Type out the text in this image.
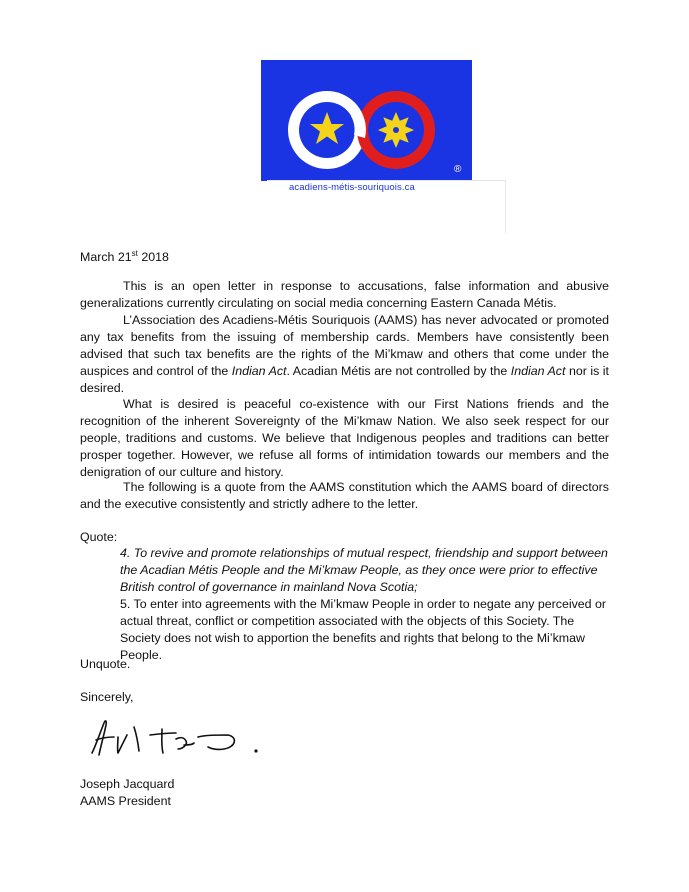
®
acadiens-métis-souriquois.ca
March 21st 2018

This is an open letter in response to accusations, false information and abusive generalizations currently circulating on social media concerning Eastern Canada Métis.

L’Association des Acadiens-Métis Souriquois (AAMS) has never advocated or promoted any tax benefits from the issuing of membership cards. Members have consistently been advised that such tax benefits are the rights of the Mi’kmaw and others that come under the auspices and control of the Indian Act. Acadian Métis are not controlled by the Indian Act nor is it desired.

What is desired is peaceful co-existence with our First Nations friends and the recognition of the inherent Sovereignty of the Mi’kmaw Nation. We also seek respect for our people, traditions and customs. We believe that Indigenous peoples and traditions can better prosper together. However, we refuse all forms of intimidation towards our members and the denigration of our culture and history.

The following is a quote from the AAMS constitution which the AAMS board of directors and the executive consistently and strictly adhere to the letter.

Quote:

4. To revive and promote relationships of mutual respect, friendship and support between the Acadian Métis People and the Mi’kmaw People, as they once were prior to effective British control of governance in mainland Nova Scotia;

5. To enter into agreements with the Mi’kmaw People in order to negate any perceived or actual threat, conflict or competition associated with the objects of this Society. The Society does not wish to apportion the benefits and rights that belong to the Mi’kmaw People.

Unquote.
Sincerely,
Joseph Jacquard
AAMS President
